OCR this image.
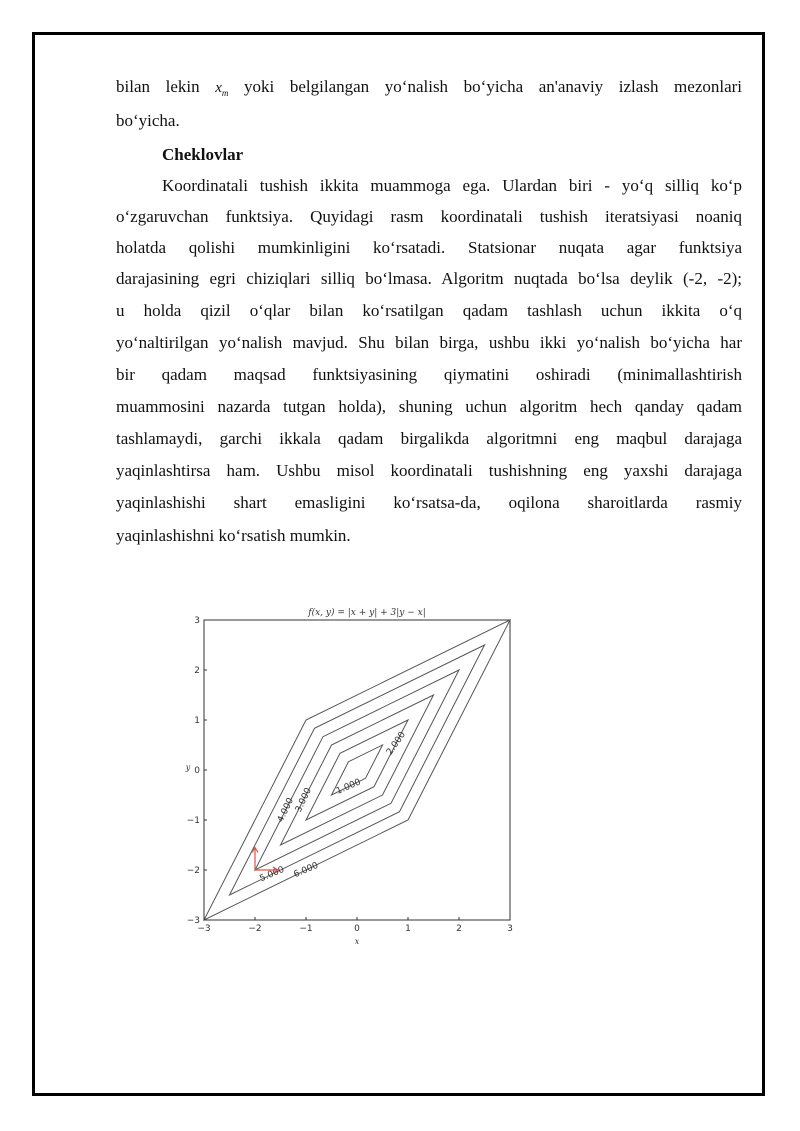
bilan lekin $x_m$ yoki belgilangan yo‘nalish bo‘yicha an'anaviy izlash mezonlari
bo‘yicha.
Cheklovlar
Koordinatali tushish ikkita muammoga ega. Ulardan biri - yo‘q silliq ko‘p
o‘zgaruvchan funktsiya. Quyidagi rasm koordinatali tushish iteratsiyasi noaniq
holatda qolishi mumkinligini ko‘rsatadi. Statsionar nuqata agar funktsiya
darajasining egri chiziqlari silliq bo‘lmasa. Algoritm nuqtada bo‘lsa deylik (-2, -2);
u holda qizil o‘qlar bilan ko‘rsatilgan qadam tashlash uchun ikkita o‘q
yo‘naltirilgan yo‘nalish mavjud. Shu bilan birga, ushbu ikki yo‘nalish bo‘yicha har
bir qadam maqsad funktsiyasining qiymatini oshiradi (minimallashtirish
muammosini nazarda tutgan holda), shuning uchun algoritm hech qanday qadam
tashlamaydi, garchi ikkala qadam birgalikda algoritmni eng maqbul darajaga
yaqinlashtirsa ham. Ushbu misol koordinatali tushishning eng yaxshi darajaga
yaqinlashishi shart emasligini ko‘rsatsa-da, oqilona sharoitlarda rasmiy
yaqinlashishni ko‘rsatish mumkin.
1.000
2.000
3.000
4.000
5.000 6.000
−3	−2	−1	0	1	2	3
−3
−2
−1
0
1
2
3
x
y
f(x, y) = |x + y| + 3|y − x|
